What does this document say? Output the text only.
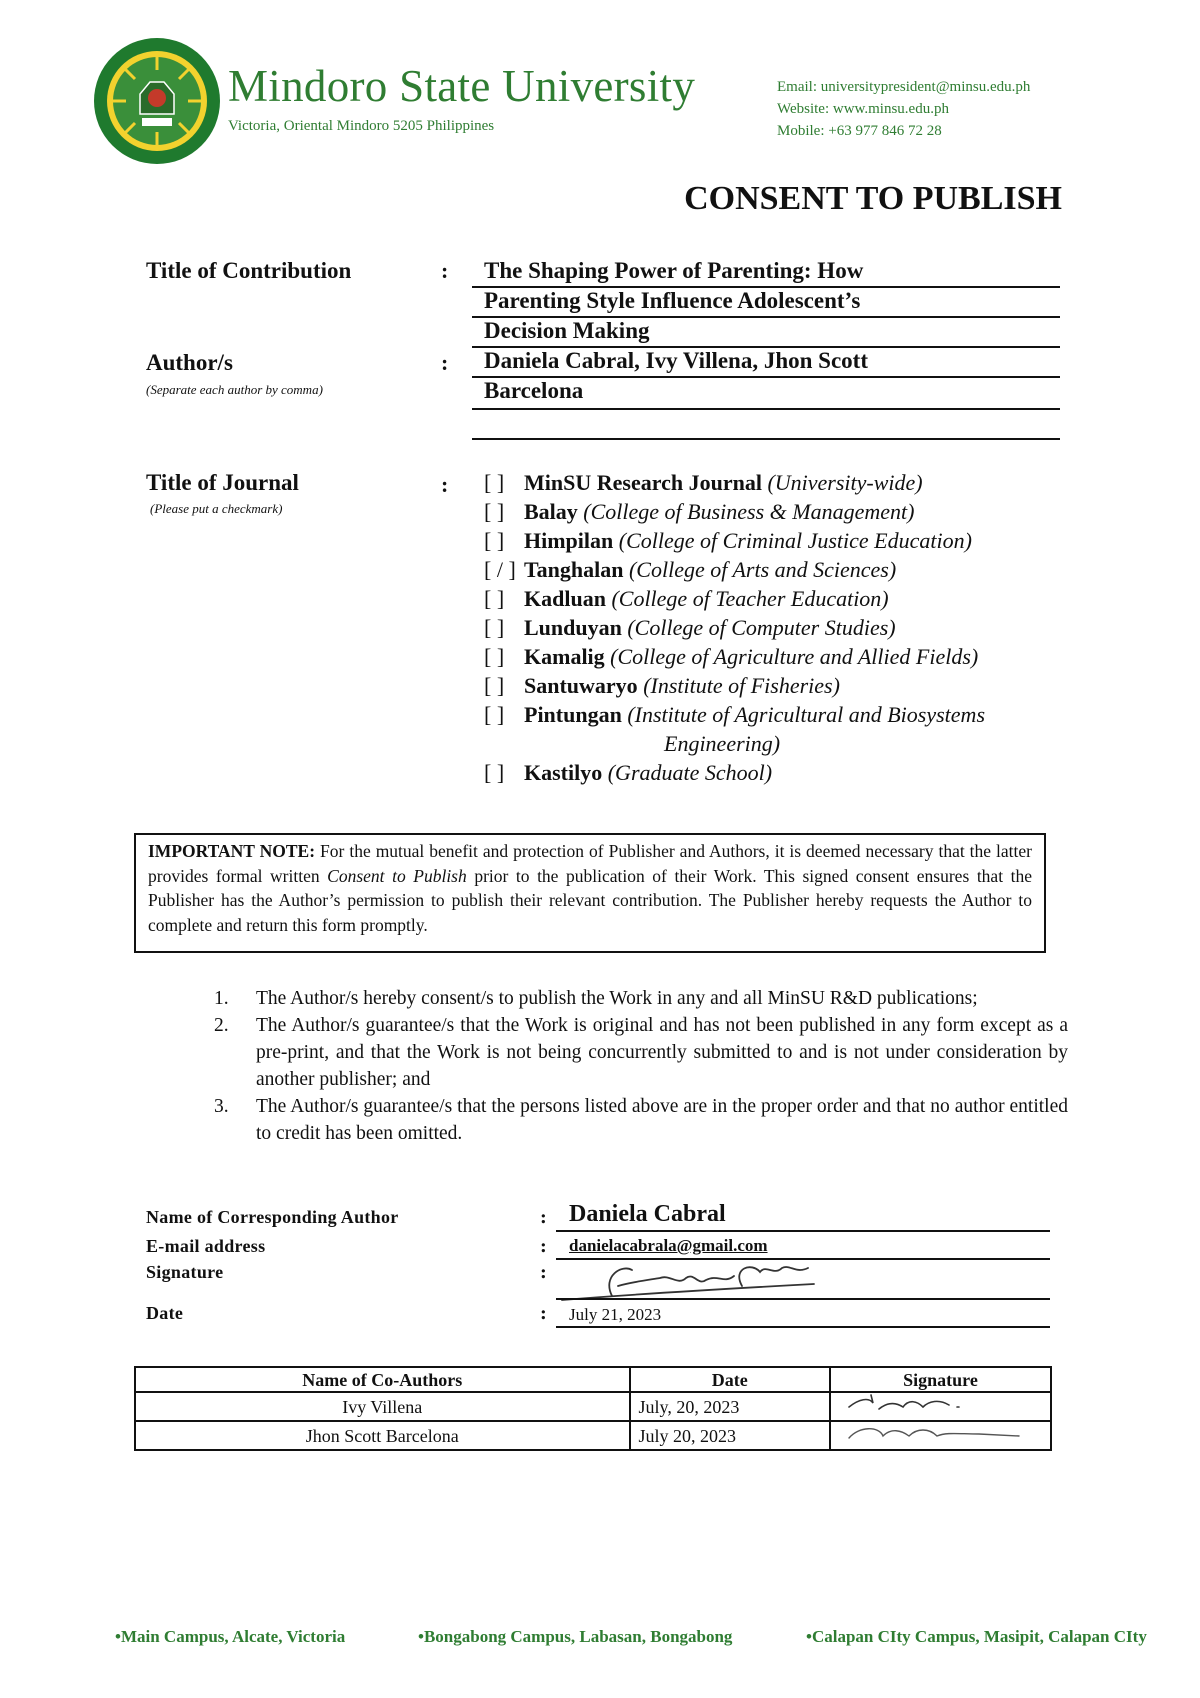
Mindoro State University
Victoria, Oriental Mindoro 5205 Philippines
Email: universitypresident@minsu.edu.ph
Website: www.minsu.edu.ph
Mobile: +63 977 846 72 28
CONSENT TO PUBLISH
Title of Contribution	: The Shaping Power of Parenting: How
Parenting Style Influence Adolescent’s
Decision Making
Author/s
(Separate each author by comma)
: Daniela Cabral, Ivy Villena, Jhon Scott
Barcelona
Title of Journal
(Please put a checkmark)
: [ ] MinSU Research Journal (University-wide)
[ ] Balay (College of Business & Management)
[ ] Himpilan (College of Criminal Justice Education)
[ / ] Tanghalan (College of Arts and Sciences)
[ ] Kadluan (College of Teacher Education)
[ ] Lunduyan (College of Computer Studies)
[ ] Kamalig (College of Agriculture and Allied Fields)
[ ] Santuwaryo (Institute of Fisheries)
[ ] Pintungan (Institute of Agricultural and Biosystems
Engineering)
[ ] Kastilyo (Graduate School)
IMPORTANT NOTE: For the mutual benefit and protection of Publisher and Authors, it is deemed necessary that the latter provides formal written Consent to Publish prior to the publication of their Work. This signed consent ensures that the Publisher has the Author’s permission to publish their relevant contribution. The Publisher hereby requests the Author to complete and return this form promptly.
1. The Author/s hereby consent/s to publish the Work in any and all MinSU R&D publications;
2. The Author/s guarantee/s that the Work is original and has not been published in any form except as a pre-print, and that the Work is not being concurrently submitted to and is not under consideration by another publisher; and
3. The Author/s guarantee/s that the persons listed above are in the proper order and that no author entitled to credit has been omitted.
Name of Corresponding Author	: Daniela Cabral
E-mail address	: danielacabrala@gmail.com
Signature	:
Date	: July 21, 2023
Name of Co-Authors	Date	Signature
Ivy Villena	July, 20, 2023	
Jhon Scott Barcelona	July 20, 2023	
•Main Campus, Alcate, Victoria	•Bongabong Campus, Labasan, Bongabong	•Calapan CIty Campus, Masipit, Calapan CIty
